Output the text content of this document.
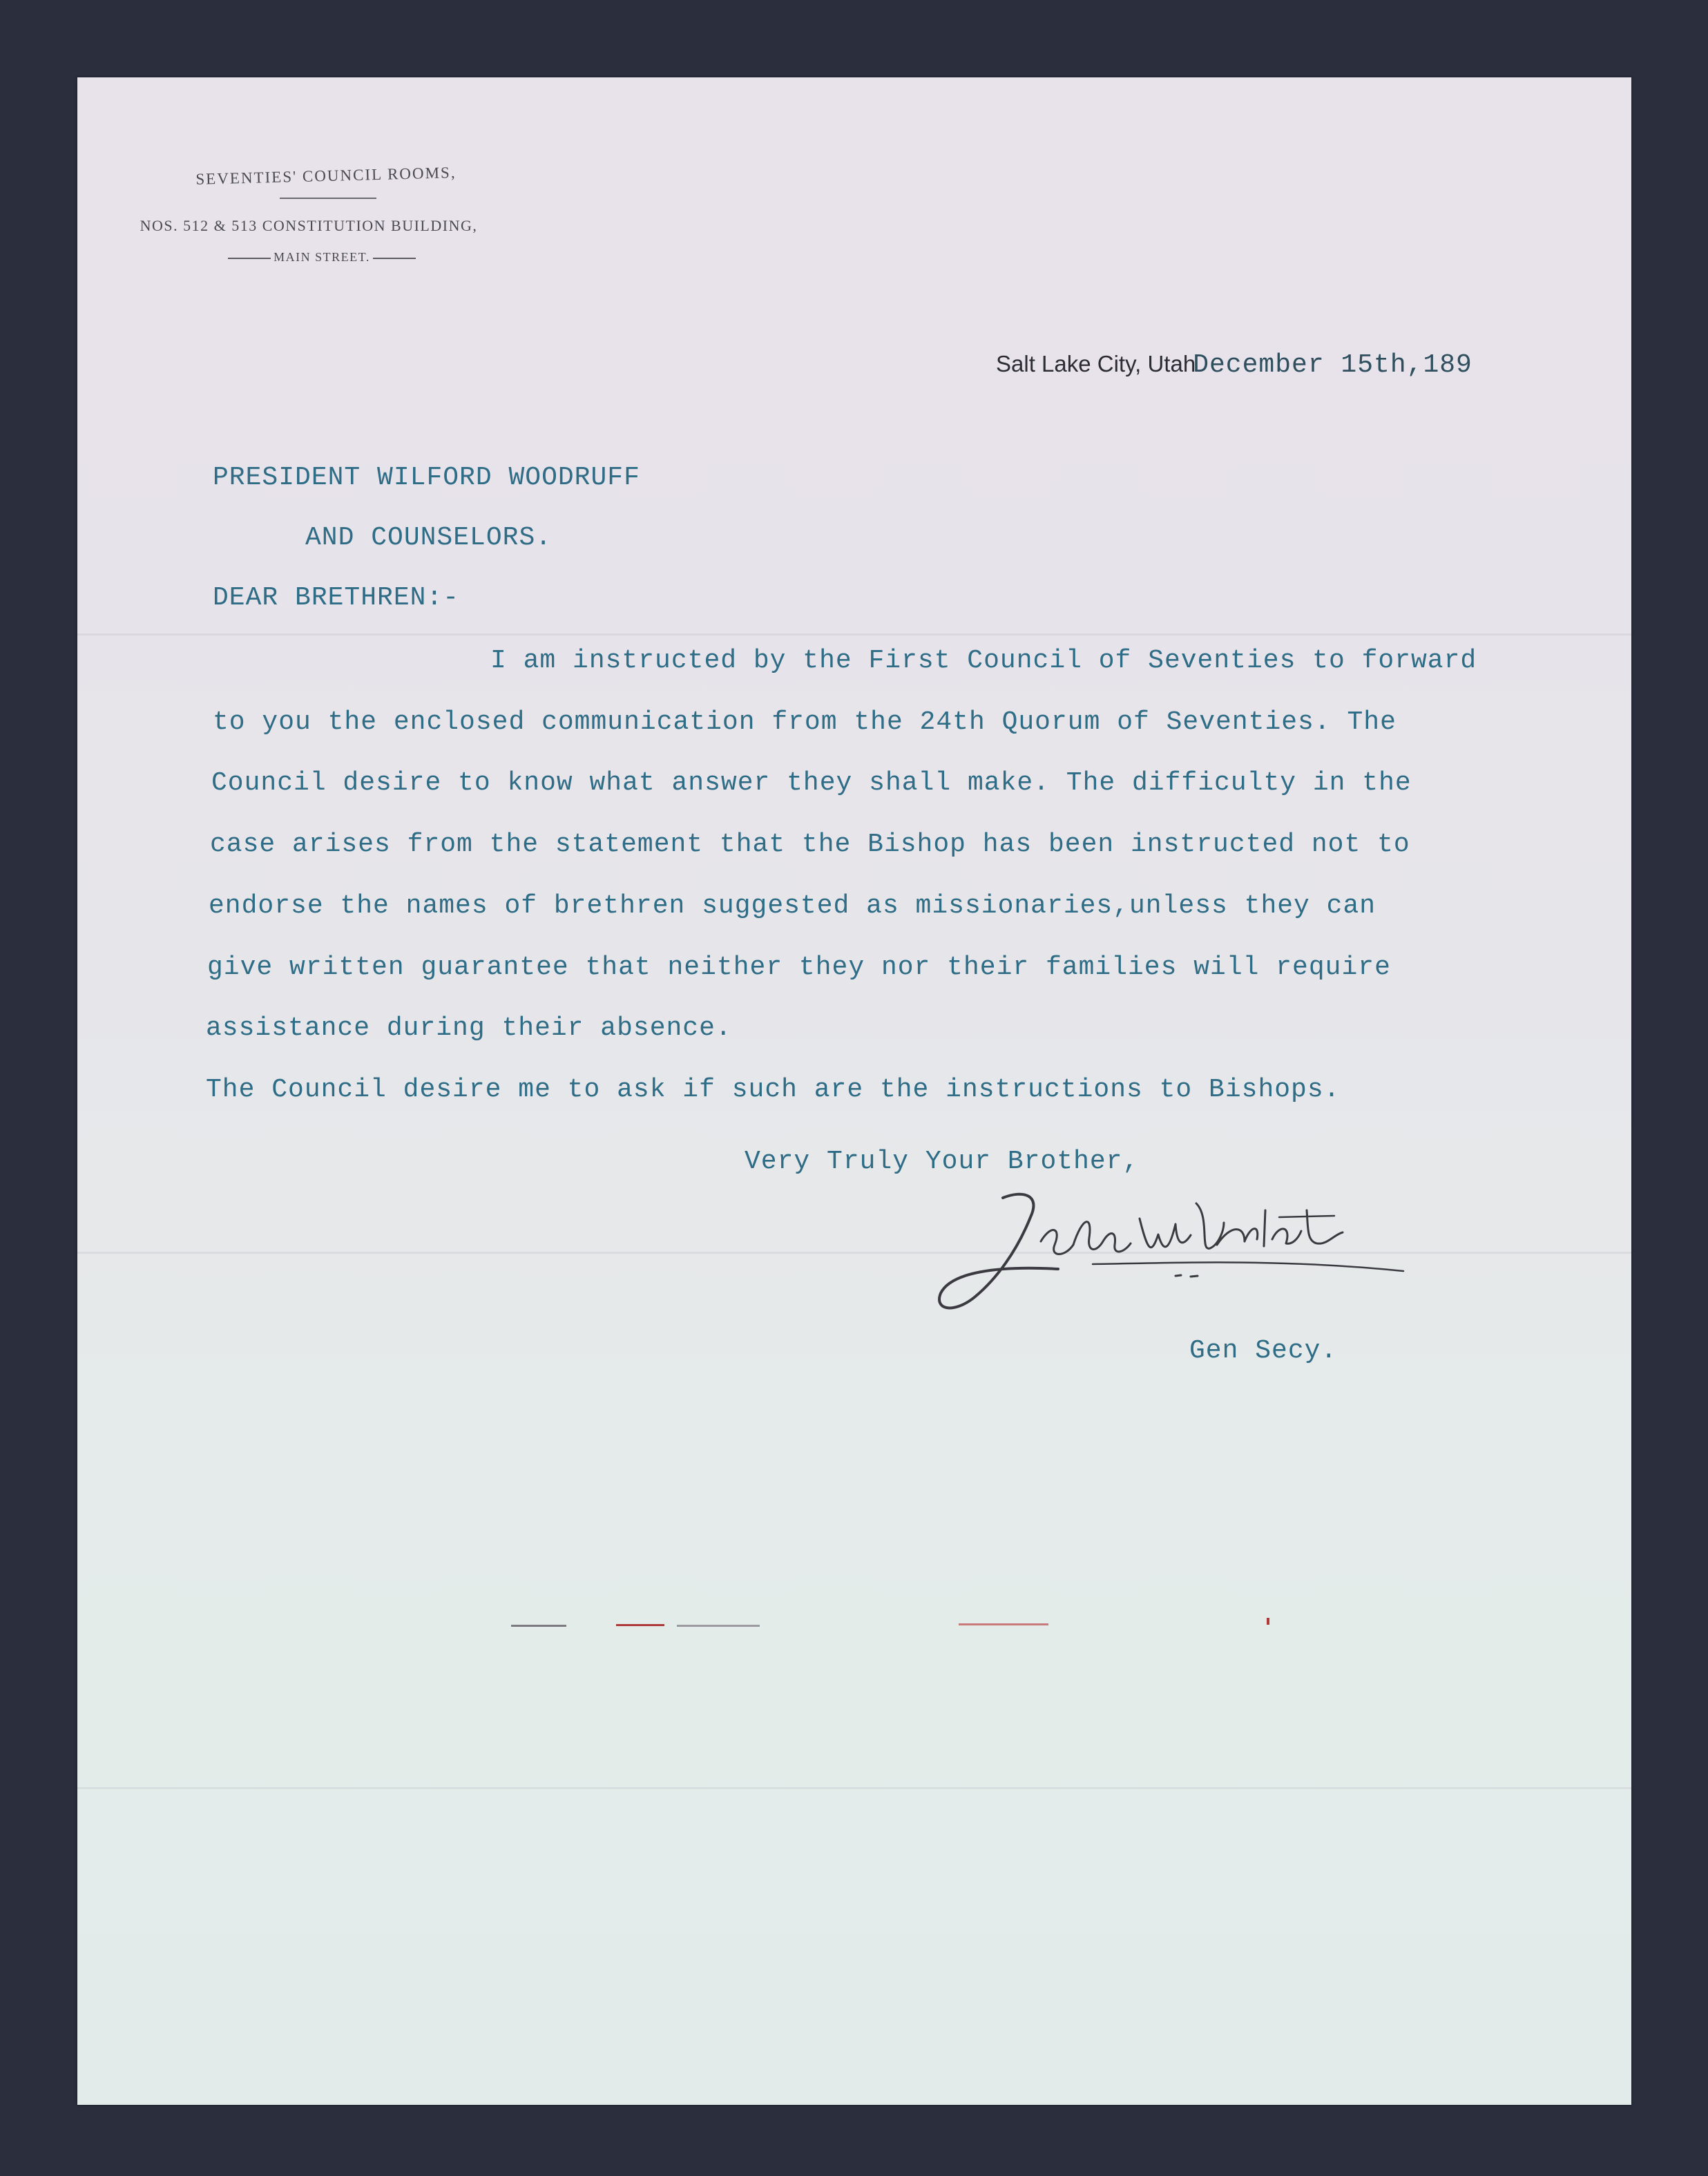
SEVENTIES' COUNCIL ROOMS,
NOS. 512 & 513 CONSTITUTION BUILDING,
MAIN STREET.
Salt Lake City, UtahDecember 15th,189
PRESIDENT WILFORD WOODRUFF
AND COUNSELORS.
DEAR BRETHREN:-
I am instructed by the First Council of Seventies to forward
to you the enclosed communication from the 24th Quorum of Seventies. The
Council desire to know what answer they shall make. The difficulty in the
case arises from the statement that the Bishop has been instructed not to
endorse the names of brethren suggested as missionaries,unless they can
give written guarantee that neither they nor their families will require
assistance during their absence.
The Council desire me to ask if such are the instructions to Bishops.
Very Truly Your Brother,
Gen Secy.
